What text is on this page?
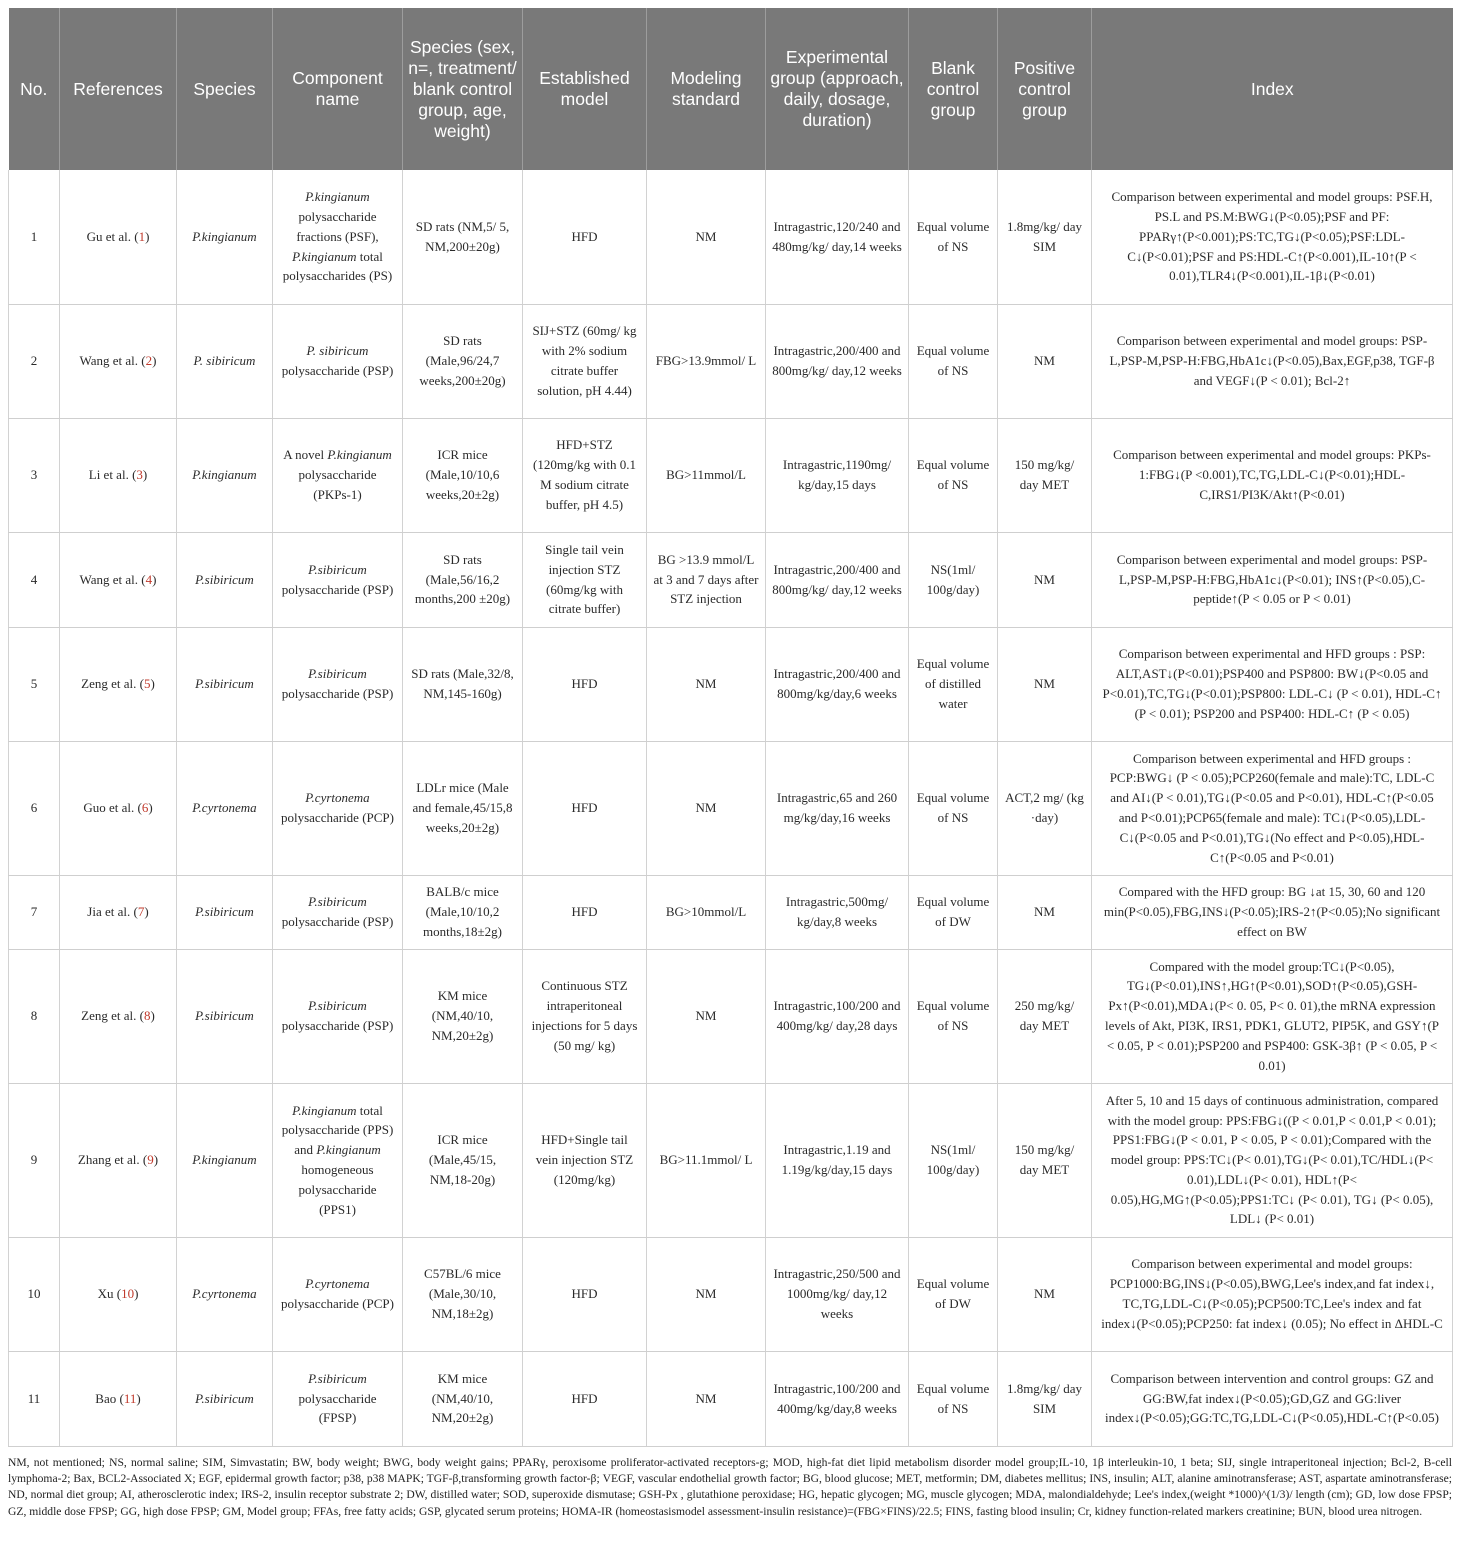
No.	References	Species	Component name	Species (sex, n=, treatment/ blank control group, age, weight)	Established model	Modeling standard	Experimental group (approach, daily, dosage, duration)	Blank control group	Positive control group	Index
1	Gu et al. (1)	P.kingianum	P.kingianum polysaccharide fractions (PSF), P.kingianum total polysaccharides (PS)	SD rats (NM,5/ 5, NM,200±20g)	HFD	NM	Intragastric,120/240 and 480mg/kg/ day,14 weeks	Equal volume of NS	1.8mg/kg/ day SIM	Comparison between experimental and model groups: PSF.H, PS.L and PS.M:BWG↓(P<0.05);PSF and PF: PPARγ↑(P<0.001);PS:TC,TG↓(P<0.05);PSF:LDL-C↓(P<0.01);PSF and PS:HDL-C↑(P<0.001),IL-10↑(P < 0.01),TLR4↓(P<0.001),IL-1β↓(P<0.01)
2	Wang et al. (2)	P. sibiricum	P. sibiricum polysaccharide (PSP)	SD rats (Male,96/24,7 weeks,200±20g)	SIJ+STZ (60mg/ kg with 2% sodium citrate buffer solution, pH 4.44)	FBG>13.9mmol/ L	Intragastric,200/400 and 800mg/kg/ day,12 weeks	Equal volume of NS	NM	Comparison between experimental and model groups: PSP-L,PSP-M,PSP-H:FBG,HbA1c↓(P<0.05),Bax,EGF,p38, TGF-β and VEGF↓(P < 0.01); Bcl-2↑
3	Li et al. (3)	P.kingianum	A novel P.kingianum polysaccharide (PKPs-1)	ICR mice (Male,10/10,6 weeks,20±2g)	HFD+STZ (120mg/kg with 0.1 M sodium citrate buffer, pH 4.5)	BG>11mmol/L	Intragastric,1190mg/ kg/day,15 days	Equal volume of NS	150 mg/kg/ day MET	Comparison between experimental and model groups: PKPs-1:FBG↓(P <0.001),TC,TG,LDL-C↓(P<0.01);HDL-C,IRS1/PI3K/Akt↑(P<0.01)
4	Wang et al. (4)	P.sibiricum	P.sibiricum polysaccharide (PSP)	SD rats (Male,56/16,2 months,200 ±20g)	Single tail vein injection STZ (60mg/kg with citrate buffer)	BG >13.9 mmol/L at 3 and 7 days after STZ injection	Intragastric,200/400 and 800mg/kg/ day,12 weeks	NS(1ml/ 100g/day)	NM	Comparison between experimental and model groups: PSP-L,PSP-M,PSP-H:FBG,HbA1c↓(P<0.01); INS↑(P<0.05),C-peptide↑(P < 0.05 or P < 0.01)
5	Zeng et al. (5)	P.sibiricum	P.sibiricum polysaccharide (PSP)	SD rats (Male,32/8, NM,145-160g)	HFD	NM	Intragastric,200/400 and 800mg/kg/day,6 weeks	Equal volume of distilled water	NM	Comparison between experimental and HFD groups : PSP: ALT,AST↓(P<0.01);PSP400 and PSP800: BW↓(P<0.05 and P<0.01),TC,TG↓(P<0.01);PSP800: LDL-C↓ (P < 0.01), HDL-C↑ (P < 0.01); PSP200 and PSP400: HDL-C↑ (P < 0.05)
6	Guo et al. (6)	P.cyrtonema	P.cyrtonema polysaccharide (PCP)	LDLr mice (Male and female,45/15,8 weeks,20±2g)	HFD	NM	Intragastric,65 and 260 mg/kg/day,16 weeks	Equal volume of NS	ACT,2 mg/ (kg ·day)	Comparison between experimental and HFD groups : PCP:BWG↓ (P < 0.05);PCP260(female and male):TC, LDL-C and AI↓(P < 0.01),TG↓(P<0.05 and P<0.01), HDL-C↑(P<0.05 and P<0.01);PCP65(female and male): TC↓(P<0.05),LDL-C↓(P<0.05 and P<0.01),TG↓(No effect and P<0.05),HDL-C↑(P<0.05 and P<0.01)
7	Jia et al. (7)	P.sibiricum	P.sibiricum polysaccharide (PSP)	BALB/c mice (Male,10/10,2 months,18±2g)	HFD	BG>10mmol/L	Intragastric,500mg/ kg/day,8 weeks	Equal volume of DW	NM	Compared with the HFD group: BG ↓at 15, 30, 60 and 120 min(P<0.05),FBG,INS↓(P<0.05);IRS-2↑(P<0.05);No significant effect on BW
8	Zeng et al. (8)	P.sibiricum	P.sibiricum polysaccharide (PSP)	KM mice (NM,40/10, NM,20±2g)	Continuous STZ intraperitoneal injections for 5 days (50 mg/ kg)	NM	Intragastric,100/200 and 400mg/kg/ day,28 days	Equal volume of NS	250 mg/kg/ day MET	Compared with the model group:TC↓(P<0.05), TG↓(P<0.01),INS↑,HG↑(P<0.01),SOD↑(P<0.05),GSH-Px↑(P<0.01),MDA↓(P< 0. 05, P< 0. 01),the mRNA expression levels of Akt, PI3K, IRS1, PDK1, GLUT2, PIP5K, and GSY↑(P < 0.05, P < 0.01);PSP200 and PSP400: GSK-3β↑ (P < 0.05, P < 0.01)
9	Zhang et al. (9)	P.kingianum	P.kingianum total polysaccharide (PPS) and P.kingianum homogeneous polysaccharide (PPS1)	ICR mice (Male,45/15, NM,18-20g)	HFD+Single tail vein injection STZ (120mg/kg)	BG>11.1mmol/ L	Intragastric,1.19 and 1.19g/kg/day,15 days	NS(1ml/ 100g/day)	150 mg/kg/ day MET	After 5, 10 and 15 days of continuous administration, compared with the model group: PPS:FBG↓((P < 0.01,P < 0.01,P < 0.01); PPS1:FBG↓(P < 0.01, P < 0.05, P < 0.01);Compared with the model group: PPS:TC↓(P< 0.01),TG↓(P< 0.01),TC/HDL↓(P< 0.01),LDL↓(P< 0.01), HDL↑(P< 0.05),HG,MG↑(P<0.05);PPS1:TC↓ (P< 0.01), TG↓ (P< 0.05), LDL↓ (P< 0.01)
10	Xu (10)	P.cyrtonema	P.cyrtonema polysaccharide (PCP)	C57BL/6 mice (Male,30/10, NM,18±2g)	HFD	NM	Intragastric,250/500 and 1000mg/kg/ day,12 weeks	Equal volume of DW	NM	Comparison between experimental and model groups: PCP1000:BG,INS↓(P<0.05),BWG,Lee's index,and fat index↓, TC,TG,LDL-C↓(P<0.05);PCP500:TC,Lee's index and fat index↓(P<0.05);PCP250: fat index↓ (0.05); No effect in ΔHDL-C
11	Bao (11)	P.sibiricum	P.sibiricum polysaccharide (FPSP)	KM mice (NM,40/10, NM,20±2g)	HFD	NM	Intragastric,100/200 and 400mg/kg/day,8 weeks	Equal volume of NS	1.8mg/kg/ day SIM	Comparison between intervention and control groups: GZ and GG:BW,fat index↓(P<0.05);GD,GZ and GG:liver index↓(P<0.05);GG:TC,TG,LDL-C↓(P<0.05),HDL-C↑(P<0.05)
NM, not mentioned; NS, normal saline; SIM, Simvastatin; BW, body weight; BWG, body weight gains; PPARγ, peroxisome proliferator-activated receptors-g; MOD, high-fat diet lipid metabolism disorder model group;IL-10, 1β interleukin-10, 1 beta; SIJ, single intraperitoneal injection; Bcl-2, B-cell lymphoma-2; Bax, BCL2-Associated X; EGF, epidermal growth factor; p38, p38 MAPK; TGF-β,transforming growth factor-β; VEGF, vascular endothelial growth factor; BG, blood glucose; MET, metformin; DM, diabetes mellitus; INS, insulin; ALT, alanine aminotransferase; AST, aspartate aminotransferase; ND, normal diet group; AI, atherosclerotic index; IRS-2, insulin receptor substrate 2; DW, distilled water; SOD, superoxide dismutase; GSH-Px , glutathione peroxidase; HG, hepatic glycogen; MG, muscle glycogen; MDA, malondialdehyde; Lee's index,(weight *1000)^(1/3)/ length (cm); GD, low dose FPSP; GZ, middle dose FPSP; GG, high dose FPSP; GM, Model group; FFAs, free fatty acids; GSP, glycated serum proteins; HOMA-IR (homeostasismodel assessment-insulin resistance)=(FBG×FINS)/22.5; FINS, fasting blood insulin; Cr, kidney function-related markers creatinine; BUN, blood urea nitrogen.
